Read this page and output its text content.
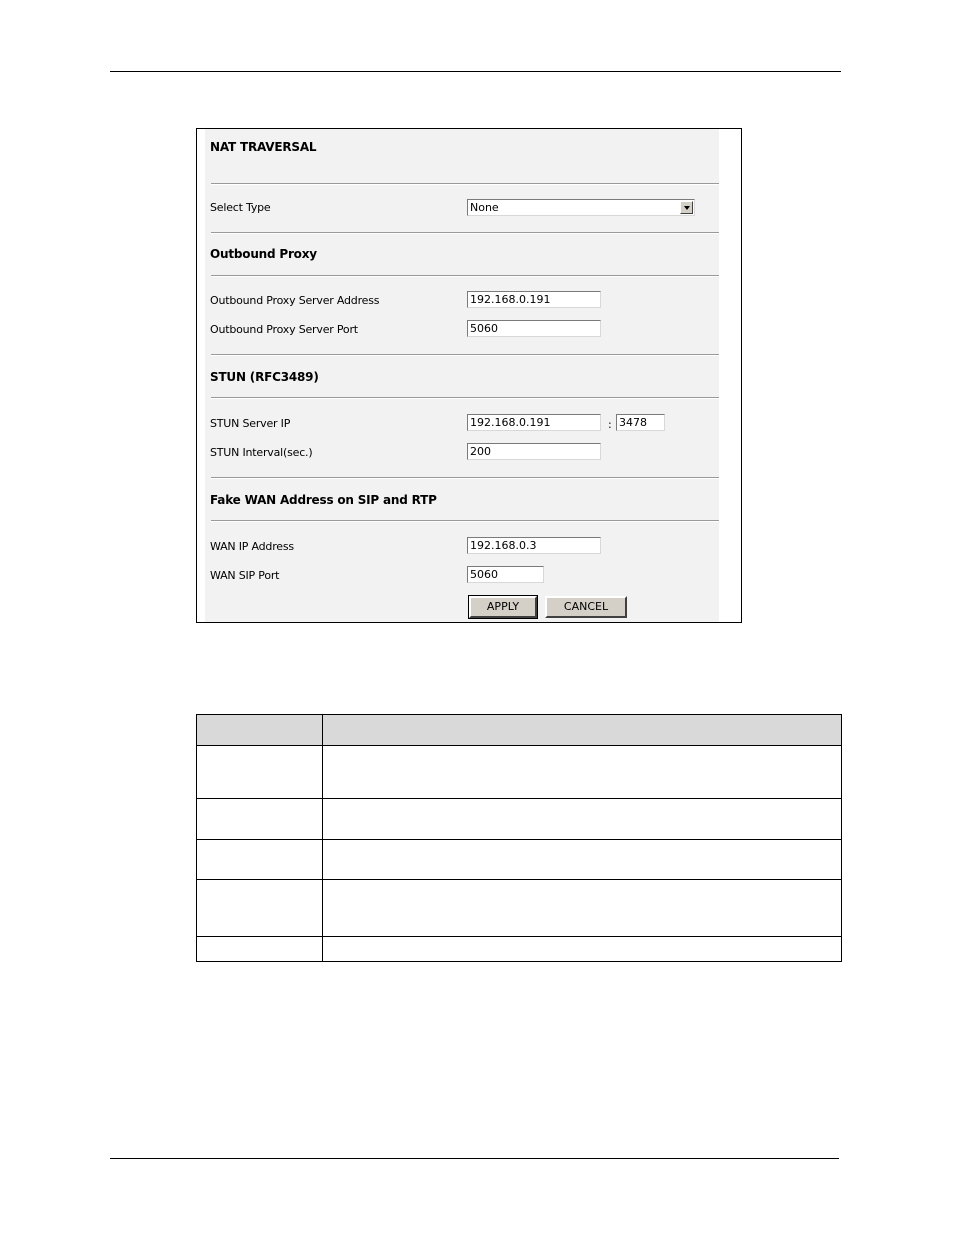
NAT TRAVERSAL
Select Type	None
Outbound Proxy
Outbound Proxy Server Address	192.168.0.191
Outbound Proxy Server Port	5060
STUN (RFC3489)
STUN Server IP	192.168.0.191	: 3478
STUN Interval(sec.)	200
Fake WAN Address on SIP and RTP
WAN IP Address	192.168.0.3
WAN SIP Port	5060
APPLY	CANCEL
